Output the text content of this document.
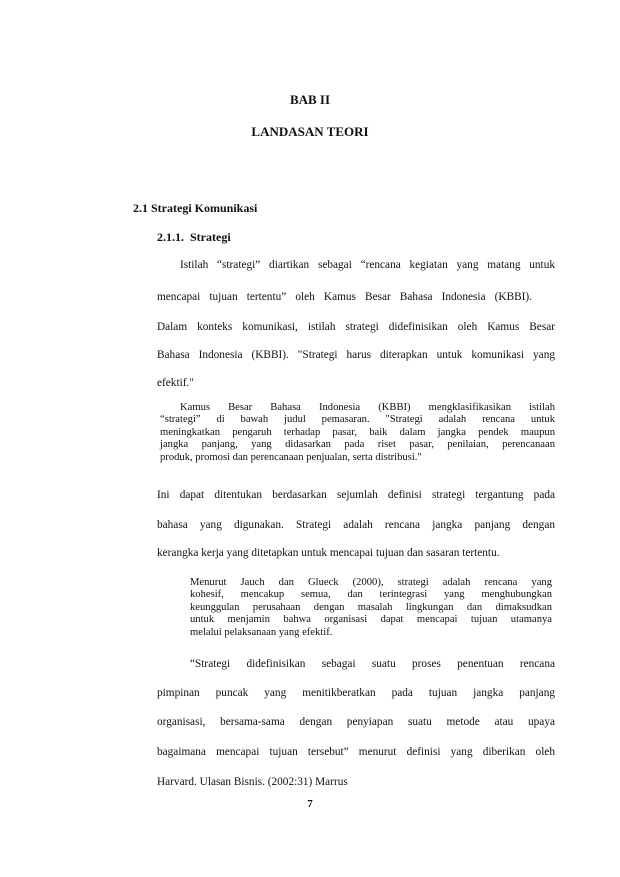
BAB II
LANDASAN TEORI
2.1 Strategi Komunikasi
2.1.1. Strategi
Istilah “strategi” diartikan sebagai “rencana kegiatan yang matang untuk
mencapai tujuan tertentu” oleh Kamus Besar Bahasa Indonesia (KBBI).
Dalam konteks komunikasi, istilah strategi didefinisikan oleh Kamus Besar
Bahasa Indonesia (KBBI). "Strategi harus diterapkan untuk komunikasi yang
efektif."
Kamus Besar Bahasa Indonesia (KBBI) mengklasifikasikan istilah
“strategi” di bawah judul pemasaran. "Strategi adalah rencana untuk
meningkatkan pengaruh terhadap pasar, baik dalam jangka pendek maupun
jangka panjang, yang didasarkan pada riset pasar, penilaian, perencanaan
produk, promosi dan perencanaan penjualan, serta distribusi."
Ini dapat ditentukan berdasarkan sejumlah definisi strategi tergantung pada
bahasa yang digunakan. Strategi adalah rencana jangka panjang dengan
kerangka kerja yang ditetapkan untuk mencapai tujuan dan sasaran tertentu.
Menurut Jauch dan Glueck (2000), strategi adalah rencana yang
kohesif, mencakup semua, dan terintegrasi yang menghubungkan
keunggulan perusahaan dengan masalah lingkungan dan dimaksudkan
untuk menjamin bahwa organisasi dapat mencapai tujuan utamanya
melalui pelaksanaan yang efektif.
“Strategi didefinisikan sebagai suatu proses penentuan rencana
pimpinan puncak yang menitikberatkan pada tujuan jangka panjang
organisasi, bersama-sama dengan penyiapan suatu metode atau upaya
bagaimana mencapai tujuan tersebut” menurut definisi yang diberikan oleh
Harvard. Ulasan Bisnis. (2002:31) Marrus
7
